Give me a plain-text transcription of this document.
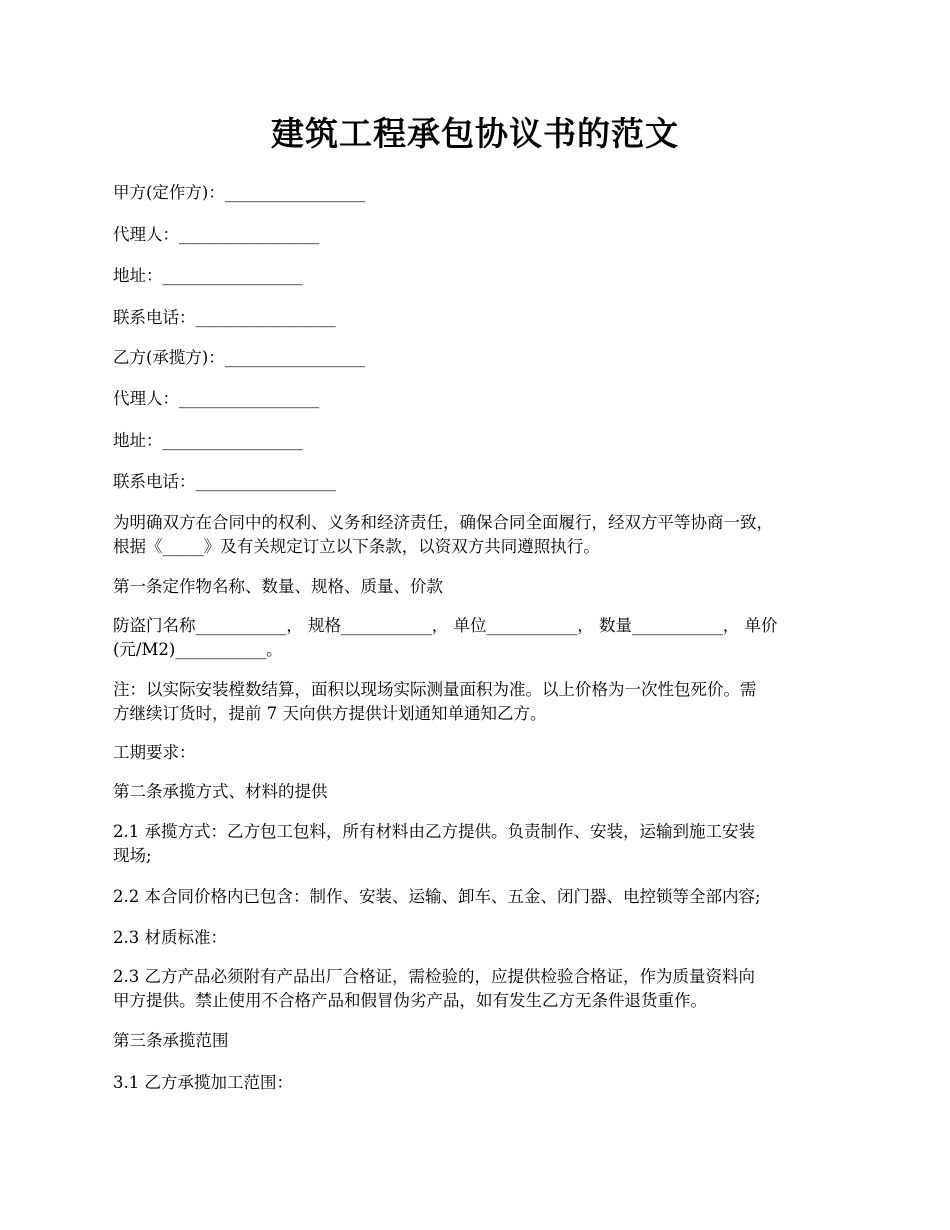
建筑工程承包协议书的范文
甲方(定作方)：_________________
代理人：_________________
地址：_________________
联系电话：_________________
乙方(承揽方)：_________________
代理人：_________________
地址：_________________
联系电话：_________________
为明确双方在合同中的权利、义务和经济责任，确保合同全面履行，经双方平等协商一致，
根据《_____》及有关规定订立以下条款，以资双方共同遵照执行。
第一条定作物名称、数量、规格、质量、价款
防盗门名称___________， 规格___________， 单位___________， 数量___________， 单价
(元/M2)___________。
注：以实际安装樘数结算，面积以现场实际测量面积为准。以上价格为一次性包死价。需
方继续订货时，提前 7 天向供方提供计划通知单通知乙方。
工期要求：
第二条承揽方式、材料的提供
2.1 承揽方式：乙方包工包料，所有材料由乙方提供。负责制作、安装，运输到施工安装
现场;
2.2 本合同价格内已包含：制作、安装、运输、卸车、五金、闭门器、电控锁等全部内容;
2.3 材质标准：
2.3 乙方产品必须附有产品出厂合格证，需检验的，应提供检验合格证，作为质量资料向
甲方提供。禁止使用不合格产品和假冒伪劣产品，如有发生乙方无条件退货重作。
第三条承揽范围
3.1 乙方承揽加工范围：
